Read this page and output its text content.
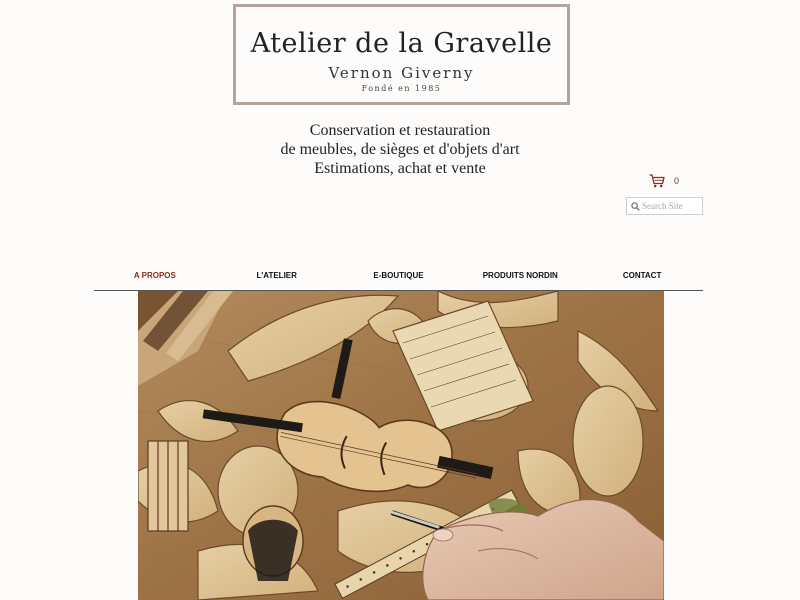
Atelier de la Gravelle
Vernon Giverny
Fondé en 1985
Conservation et restauration
de meubles, de sièges et d'objets d'art
Estimations, achat et vente
0
Search Site
A PROPOS	L'ATELIER	E-BOUTIQUE	PRODUITS NORDIN	CONTACT
